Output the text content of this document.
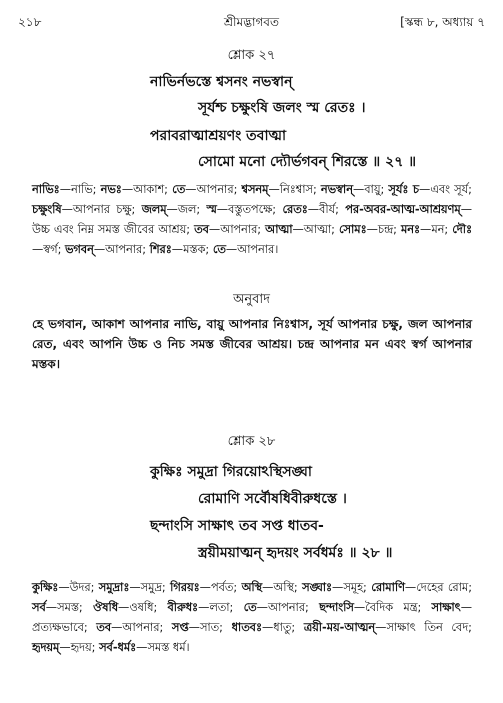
২১৮	শ্রীমদ্ভাগবত	[স্কন্ধ ৮, অধ্যায় ৭
শ্লোক ২৭
নাভির্নভস্তে শ্বসনং নভস্বান্
সূর্যশ্চ চক্ষুংষি জলং স্ম রেতঃ ।
পরাবরাত্মাশ্রয়ণং তবাত্মা
সোমো মনো দ্যৌর্ভগবন্ শিরস্তে ॥ ২৭ ॥
নাভিঃ—নাভি; নভঃ—আকাশ; তে—আপনার; শ্বসনম্—নিঃশ্বাস; নভস্বান্—বায়ু; সূর্যঃ চ—এবং সূর্য; চক্ষুংষি—আপনার চক্ষু; জলম্—জল; স্ম—বস্তুতপক্ষে; রেতঃ—বীর্য; পর-অবর-আত্ম-আশ্রয়ণম্—উচ্চ এবং নিম্ন সমস্ত জীবের আশ্রয়; তব—আপনার; আত্মা—আত্মা; সোমঃ—চন্দ্র; মনঃ—মন; দৌঃ—স্বর্গ; ভগবন্—আপনার; শিরঃ—মস্তক; তে—আপনার।
অনুবাদ
হে ভগবান, আকাশ আপনার নাভি, বায়ু আপনার নিঃশ্বাস, সূর্য আপনার চক্ষু, জল আপনার রেত, এবং আপনি উচ্চ ও নিচ সমস্ত জীবের আশ্রয়। চন্দ্র আপনার মন এবং স্বর্গ আপনার মস্তক।
শ্লোক ২৮
কুক্ষিঃ সমুদ্রা গিরয়োঽস্থিসঙ্ঘা
রোমাণি সর্বৌষধিবীরুধস্তে ।
ছন্দাংসি সাক্ষাৎ তব সপ্ত ধাতব-
স্ত্রয়ীময়াত্মন্ হৃদয়ং সর্বধর্মঃ ॥ ২৮ ॥
কুক্ষিঃ—উদর; সমুদ্রাঃ—সমুদ্র; গিরয়ঃ—পর্বত; অস্থি—অস্থি; সঙ্ঘাঃ—সমূহ; রোমাণি—দেহের রোম; সর্ব—সমস্ত; ঔষধি—ওষধি; বীরুধঃ—লতা; তে—আপনার; ছন্দাংসি—বৈদিক মন্ত্র; সাক্ষাৎ—প্রত্যক্ষভাবে; তব—আপনার; সপ্ত—সাত; ধাতবঃ—ধাতু; ত্রয়ী-ময়-আত্মন্—সাক্ষাৎ তিন বেদ; হৃদয়ম্—হৃদয়; সর্ব-ধর্মঃ—সমস্ত ধর্ম।
